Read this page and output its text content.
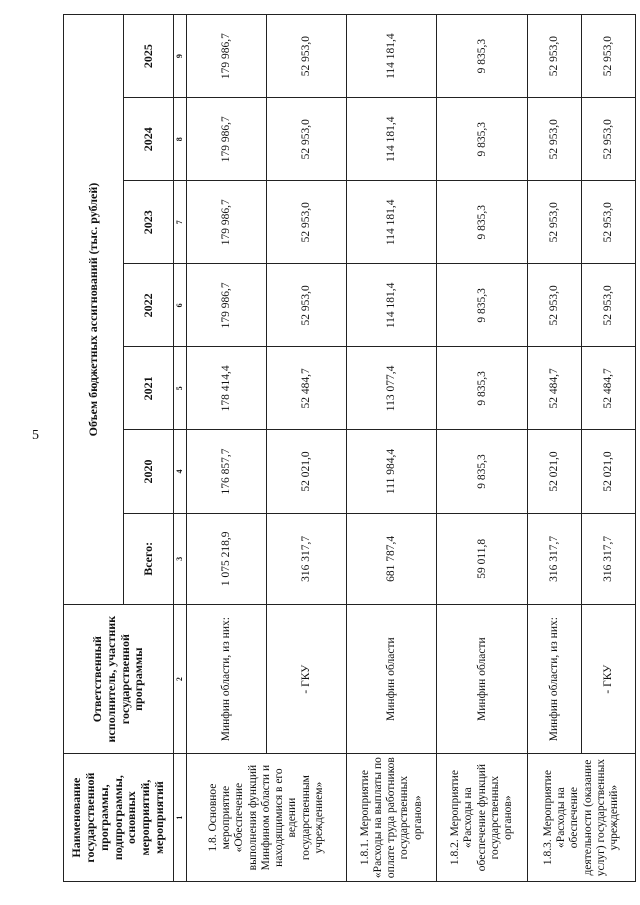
5
Наименование государственной программы, подпрограммы, основных мероприятий, мероприятий	Ответственный исполнитель, участник государственной программы	Объем бюджетных ассигнований (тыс. рублей)						
		Всего:	2020	2021	2022	2023	2024	2025
1	2	3	4	5	6	7	8	9
1.8. Основное мероприятие «Обеспечение выполнения функций Минфином области и находящимися в его ведении государственным учреждением»	Минфин области, из них:	1 075 218,9	176 857,7	178 414,4	179 986,7	179 986,7	179 986,7	179 986,7
	- ГКУ	316 317,7	52 021,0	52 484,7	52 953,0	52 953,0	52 953,0	52 953,0
1.8.1. Мероприятие «Расходы на выплаты по оплате труда работников государственных органов»	Минфин области	681 787,4	111 984,4	113 077,4	114 181,4	114 181,4	114 181,4	114 181,4
1.8.2. Мероприятие «Расходы на обеспечение функций государственных органов»	Минфин области	59 011,8	9 835,3	9 835,3	9 835,3	9 835,3	9 835,3	9 835,3
1.8.3. Мероприятие «Расходы на обеспечение деятельности (оказание услуг) государственных учреждений»	Минфин области, из них:	316 317,7	52 021,0	52 484,7	52 953,0	52 953,0	52 953,0	52 953,0
	- ГКУ	316 317,7	52 021,0	52 484,7	52 953,0	52 953,0	52 953,0	52 953,0
